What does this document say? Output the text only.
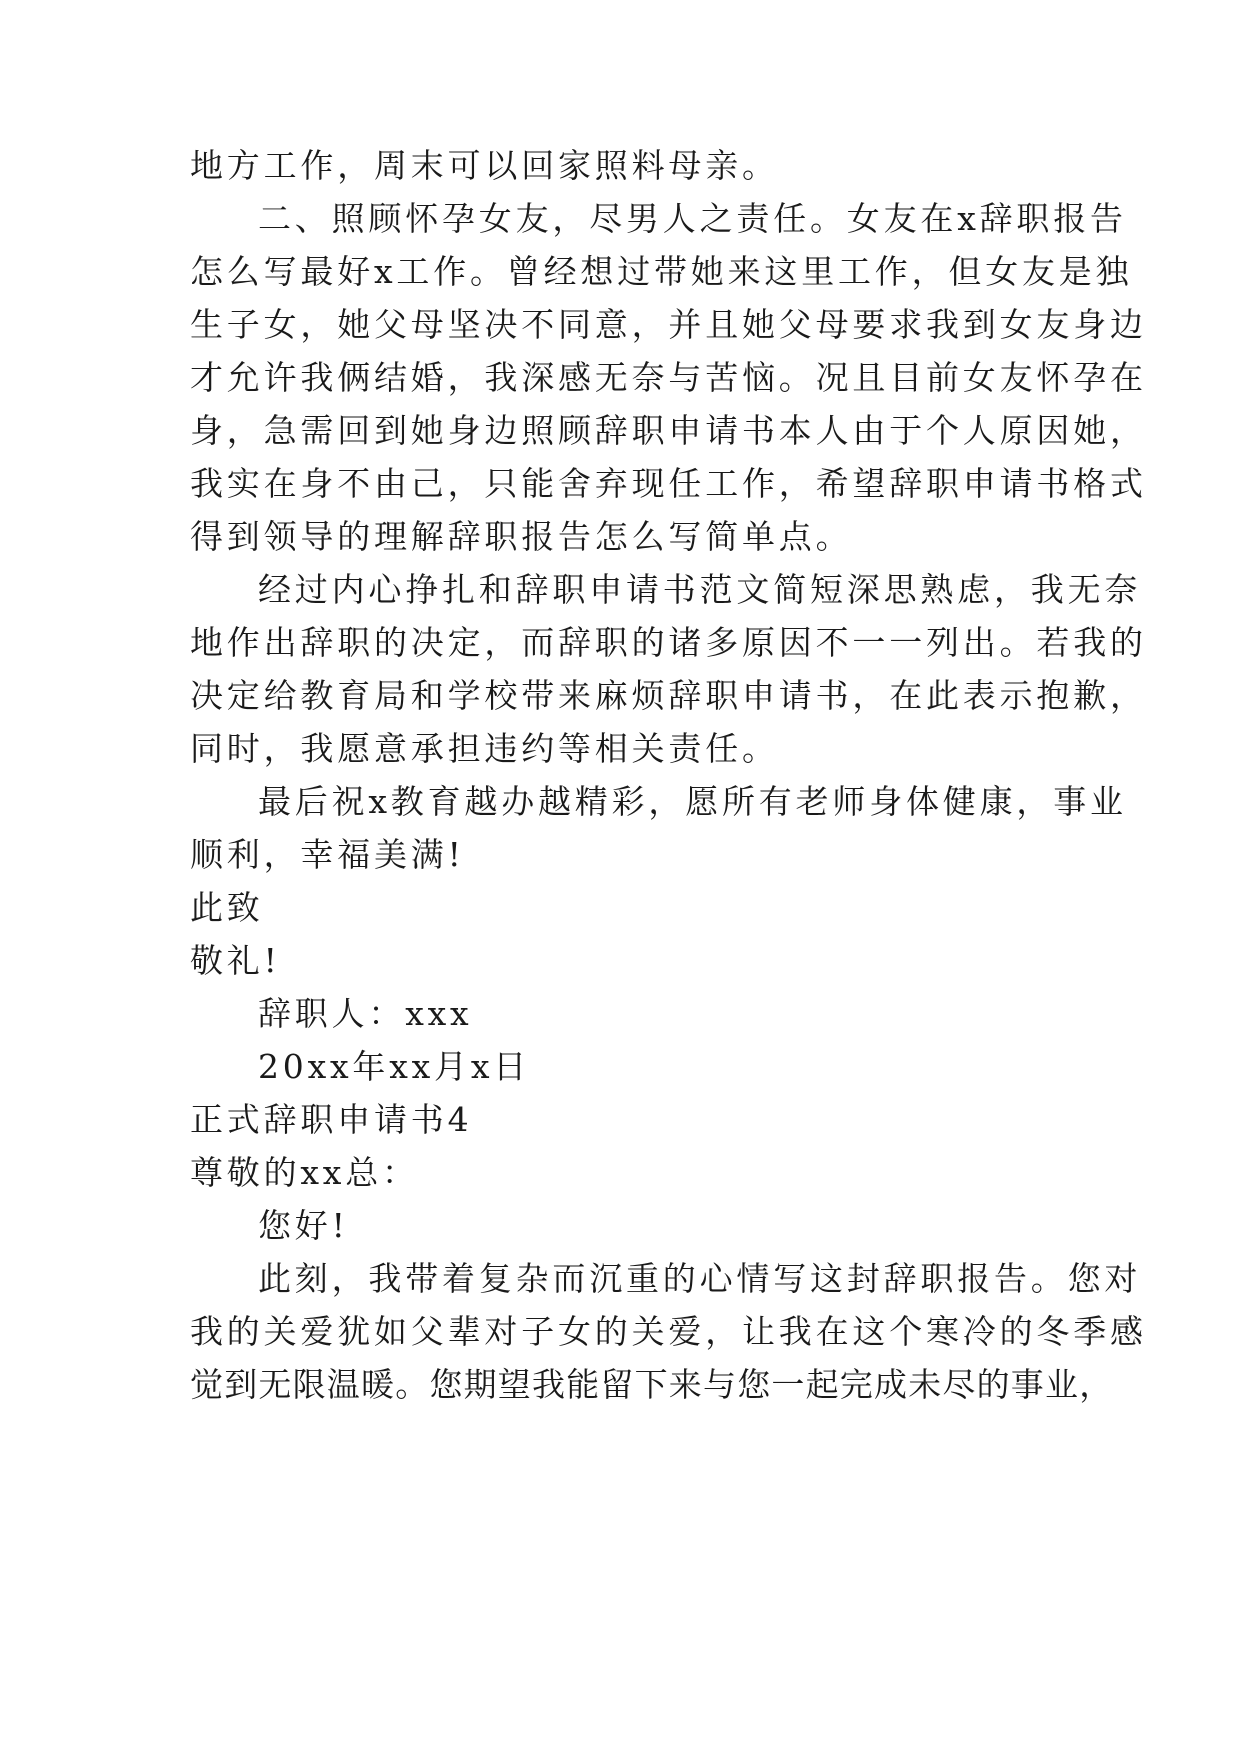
地方工作，周末可以回家照料母亲。
二、照顾怀孕女友，尽男人之责任。女友在x辞职报告
怎么写最好x工作。曾经想过带她来这里工作，但女友是独
生子女，她父母坚决不同意，并且她父母要求我到女友身边
才允许我俩结婚，我深感无奈与苦恼。况且目前女友怀孕在
身，急需回到她身边照顾辞职申请书本人由于个人原因她，
我实在身不由己，只能舍弃现任工作，希望辞职申请书格式
得到领导的理解辞职报告怎么写简单点。
经过内心挣扎和辞职申请书范文简短深思熟虑，我无奈
地作出辞职的决定，而辞职的诸多原因不一一列出。若我的
决定给教育局和学校带来麻烦辞职申请书，在此表示抱歉，
同时，我愿意承担违约等相关责任。
最后祝x教育越办越精彩，愿所有老师身体健康，事业
顺利，幸福美满!
此致
敬礼!
辞职人：xxx
20xx年xx月x日
正式辞职申请书4
尊敬的xx总：
您好!
此刻，我带着复杂而沉重的心情写这封辞职报告。您对
我的关爱犹如父辈对子女的关爱，让我在这个寒冷的冬季感
觉到无限温暖。您期望我能留下来与您一起完成未尽的事业，
